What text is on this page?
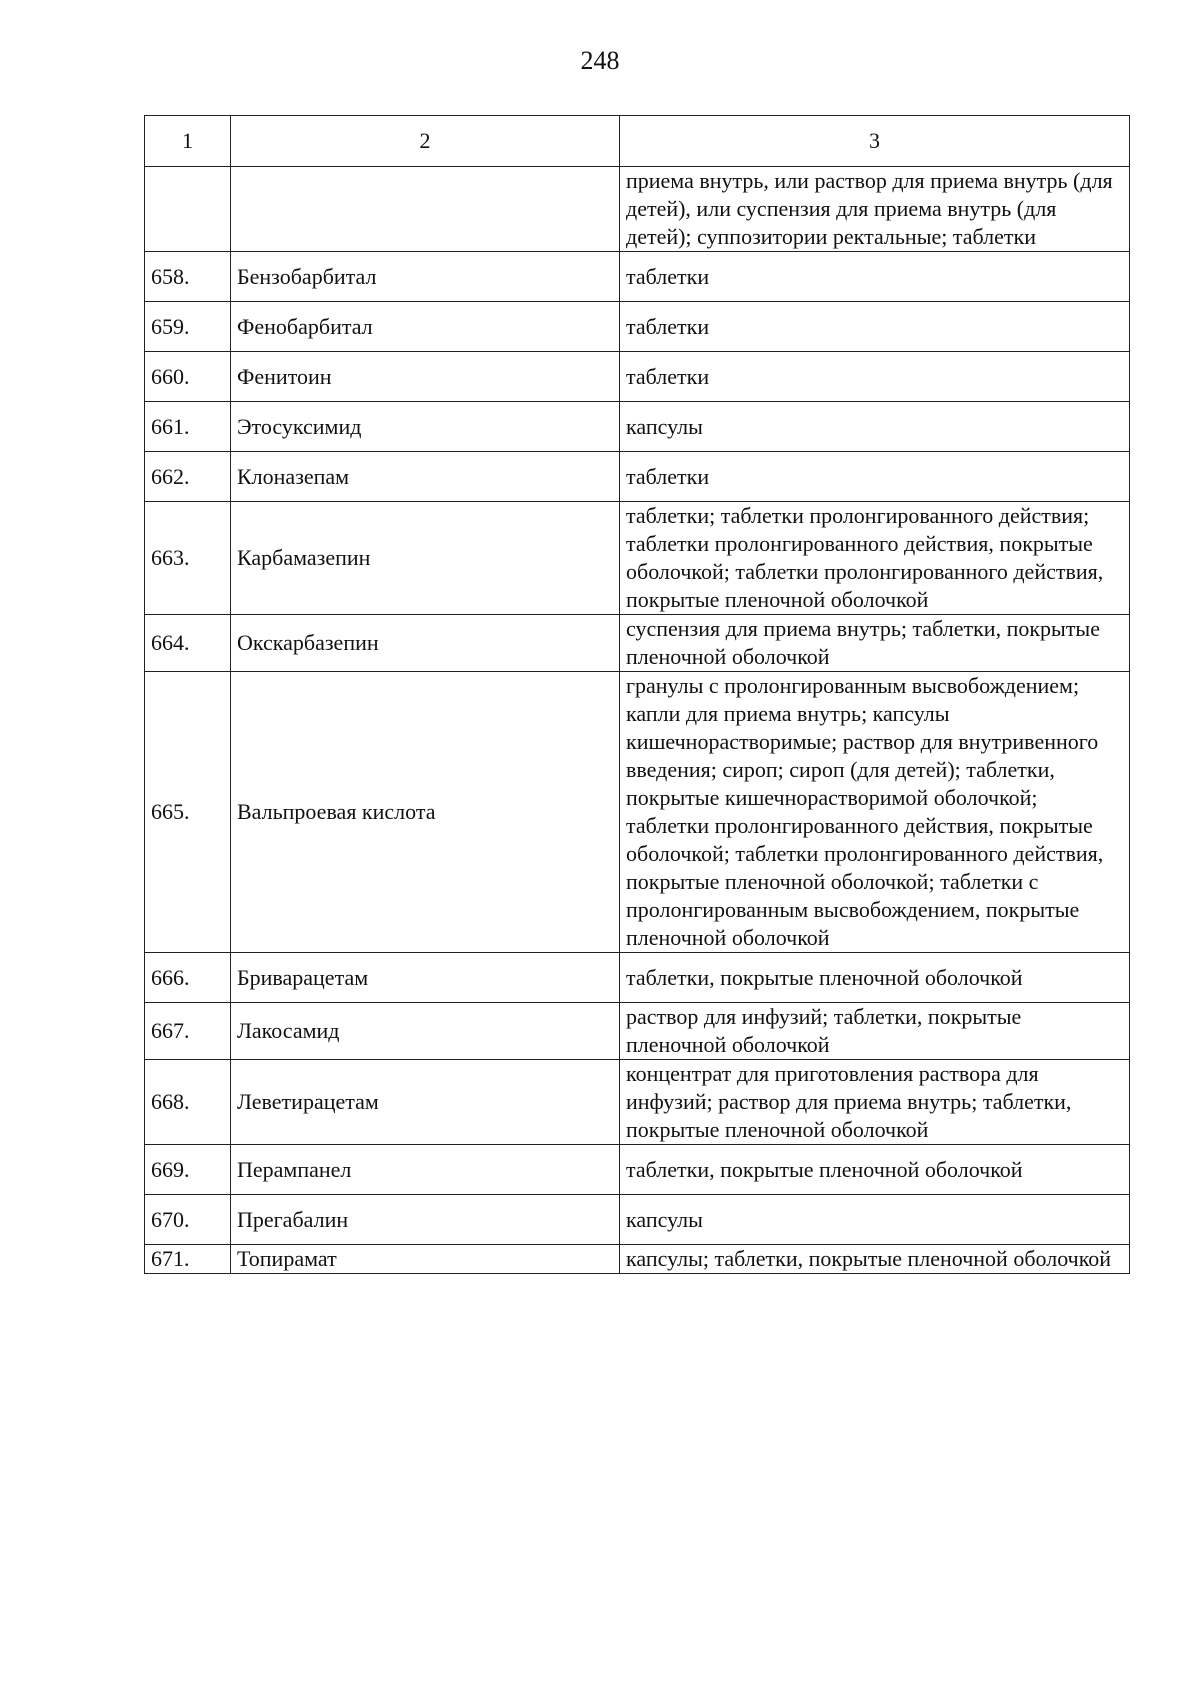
248
1	2	3
		приема внутрь, или раствор для приема внутрь (для детей), или суспензия для приема внутрь (для детей); суппозитории ректальные; таблетки
658.	Бензобарбитал	таблетки
659.	Фенобарбитал	таблетки
660.	Фенитоин	таблетки
661.	Этосуксимид	капсулы
662.	Клоназепам	таблетки
663.	Карбамазепин	таблетки; таблетки пролонгированного действия; таблетки пролонгированного действия, покрытые оболочкой; таблетки пролонгированного действия, покрытые пленочной оболочкой
664.	Окскарбазепин	суспензия для приема внутрь; таблетки, покрытые пленочной оболочкой
665.	Вальпроевая кислота	гранулы с пролонгированным высвобождением; капли для приема внутрь; капсулы кишечнорастворимые; раствор для внутривенного введения; сироп; сироп (для детей); таблетки, покрытые кишечнорастворимой оболочкой; таблетки пролонгированного действия, покрытые оболочкой; таблетки пролонгированного действия, покрытые пленочной оболочкой; таблетки с пролонгированным высвобождением, покрытые пленочной оболочкой
666.	Бриварацетам	таблетки, покрытые пленочной оболочкой
667.	Лакосамид	раствор для инфузий; таблетки, покрытые пленочной оболочкой
668.	Леветирацетам	концентрат для приготовления раствора для инфузий; раствор для приема внутрь; таблетки, покрытые пленочной оболочкой
669.	Перампанел	таблетки, покрытые пленочной оболочкой
670.	Прегабалин	капсулы
671.	Топирамат	капсулы; таблетки, покрытые пленочной оболочкой
